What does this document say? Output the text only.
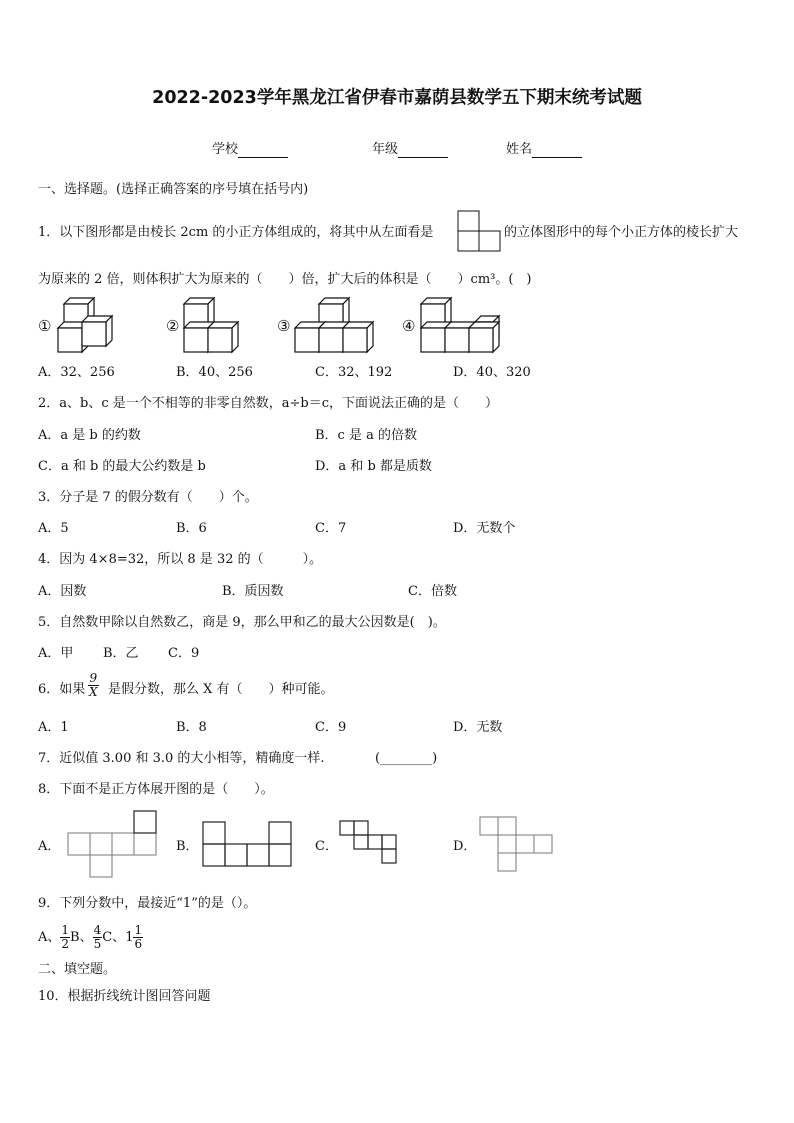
2022-2023学年黑龙江省伊春市嘉荫县数学五下期末统考试题
学校	年级	姓名
一、选择题。(选择正确答案的序号填在括号内)
1．以下图形都是由棱长 2cm 的小正方体组成的，将其中从左面看是	的立体图形中的每个小正方体的棱长扩大
为原来的 2 倍，则体积扩大为原来的（　　）倍，扩大后的体积是（　　）cm³。(　)
①	②	③	④
A．32、256	B．40、256	C．32、192	D．40、320
2．a、b、c 是一个不相等的非零自然数，a÷b＝c，下面说法正确的是（　　）
A．a 是 b 的约数	B．c 是 a 的倍数
C．a 和 b 的最大公约数是 b	D．a 和 b 都是质数
3．分子是 7 的假分数有（　　）个。
A．5	B．6	C．7	D．无数个
4．因为 4×8=32，所以 8 是 32 的（　　　）。
A．因数	B．质因数	C．倍数
5．自然数甲除以自然数乙，商是 9，那么甲和乙的最大公因数是(　)。
A．甲 B．乙 C．9
6．如果 $\frac{9}{X}$ 是假分数，那么 X 有（　　）种可能。
A．1	B．8	C．9	D．无数
7．近似值 3.00 和 3.0 的大小相等，精确度一样.	(________)
8．下面不是正方体展开图的是（　　）。
A．	B．	C．	D．
9．下列分数中，最接近“1”的是（）。
A、 $\frac{1}{2}$ B、 $\frac{4}{5}$ C、$1 \frac{1}{6}$
二、填空题。
10．根据折线统计图回答问题
